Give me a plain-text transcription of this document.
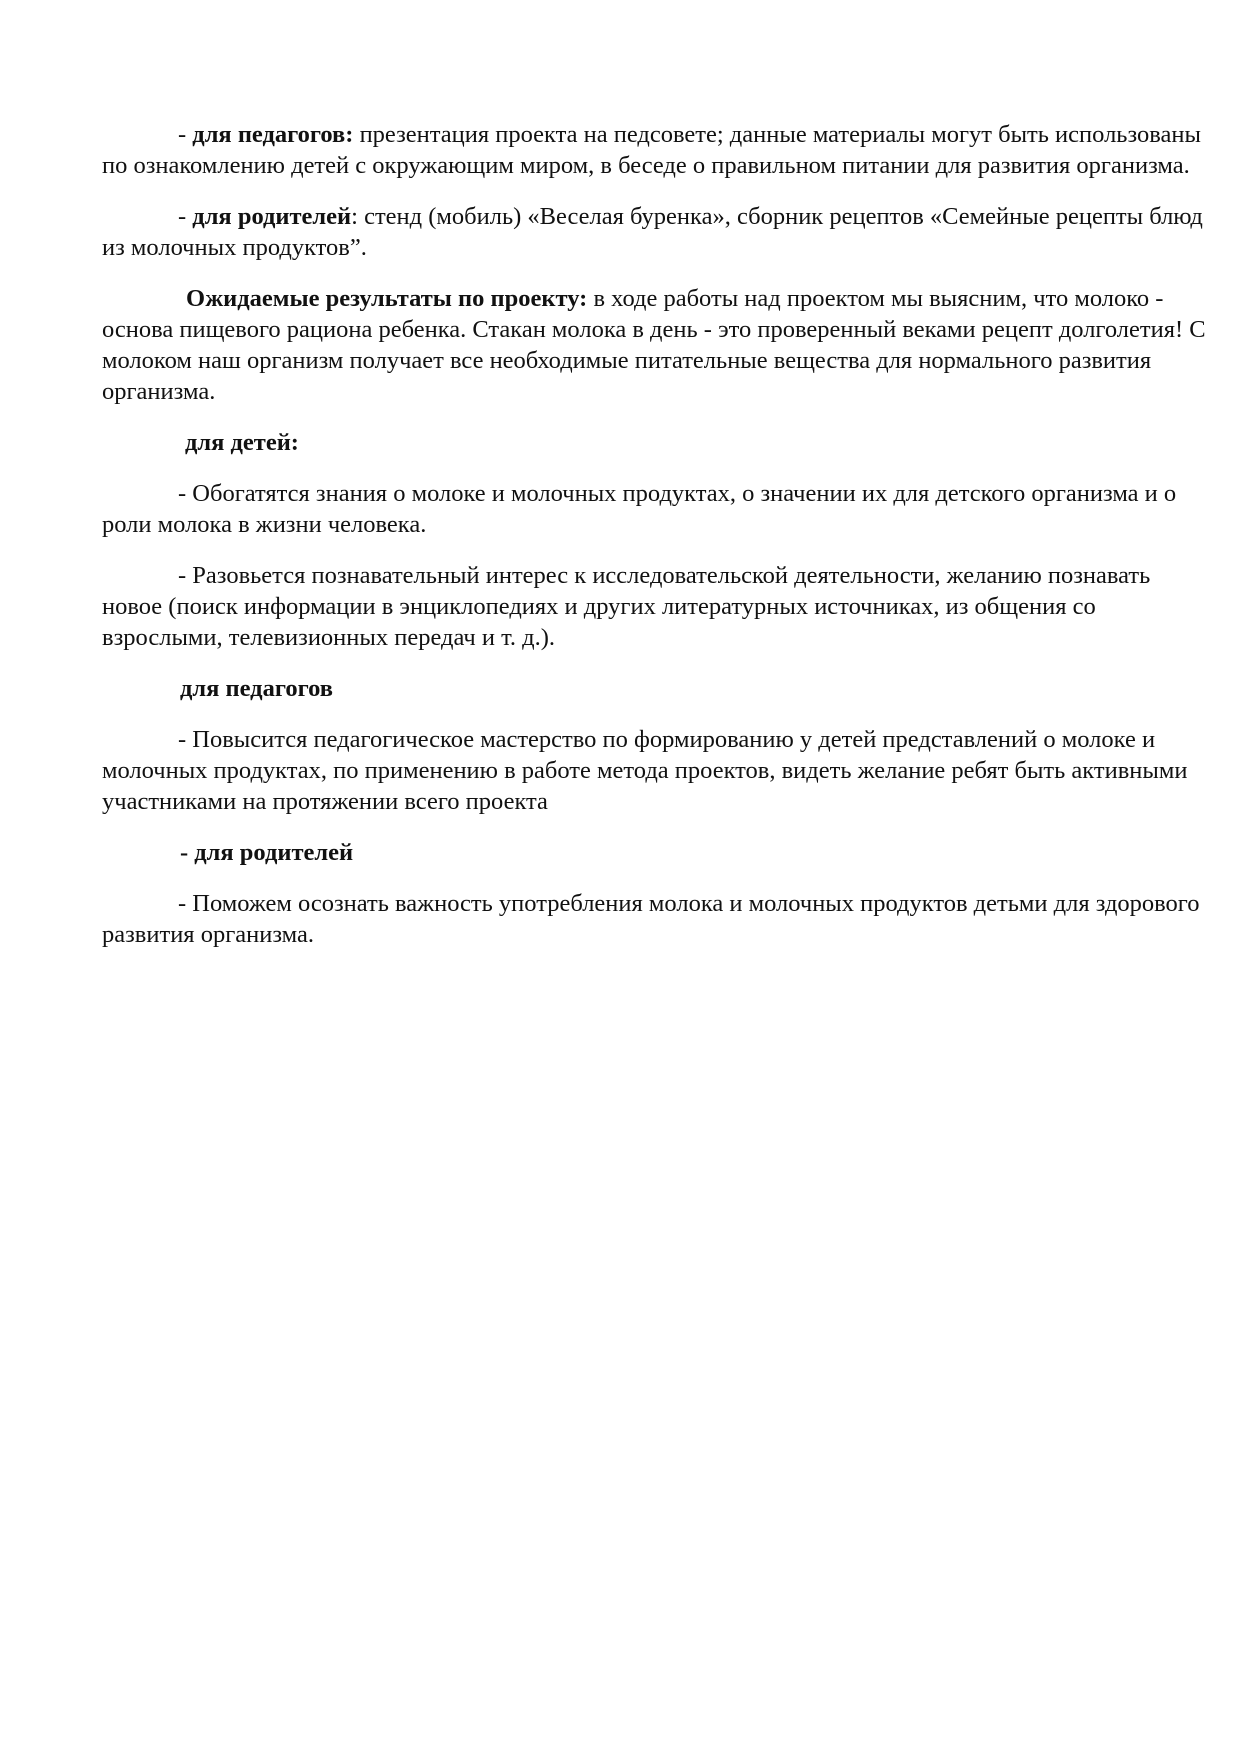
- для педагогов: презентация проекта на педсовете; данные материалы могут быть использованы по ознакомлению детей с окружающим миром, в беседе о правильном питании для развития организма.

- для родителей: стенд (мобиль) «Веселая буренка», сборник рецептов «Семейные рецепты блюд из молочных продуктов”.

Ожидаемые результаты по проекту: в ходе работы над проектом мы выясним, что молоко - основа пищевого рациона ребенка. Стакан молока в день - это проверенный веками рецепт долголетия! С молоком наш организм получает все необходимые питательные вещества для нормального развития организма.

для детей:

- Обогатятся знания о молоке и молочных продуктах, о значении их для детского организма и о роли молока в жизни человека.

- Разовьется познавательный интерес к исследовательской деятельности, желанию познавать новое (поиск информации в энциклопедиях и других литературных источниках, из общения со взрослыми, телевизионных передач и т. д.).

для педагогов

- Повысится педагогическое мастерство по формированию у детей представлений о молоке и молочных продуктах, по применению в работе метода проектов, видеть желание ребят быть активными участниками на протяжении всего проекта

- для родителей

- Поможем осознать важность употребления молока и молочных продуктов детьми для здорового развития организма.
